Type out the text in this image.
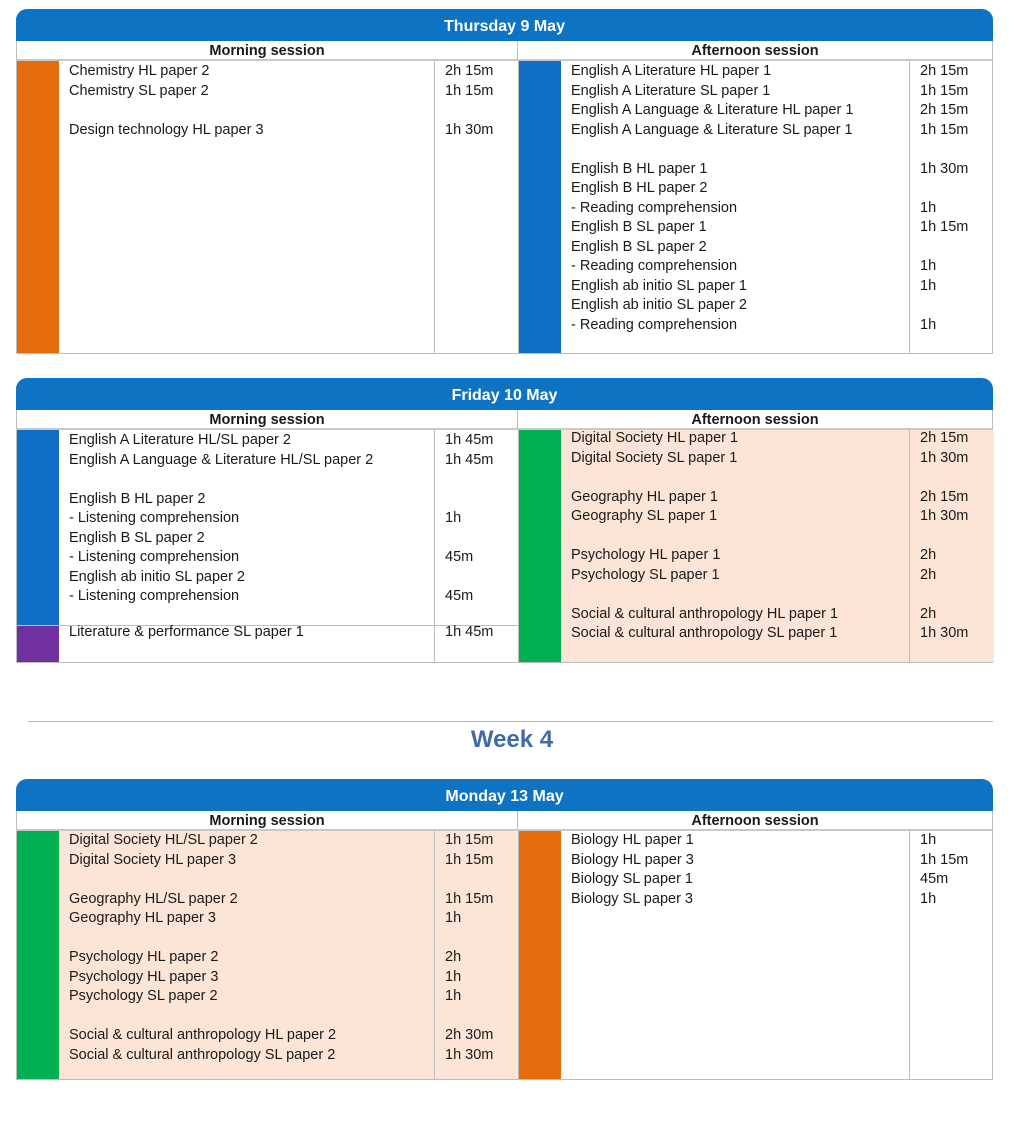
Thursday 9 May
Morning session	Afternoon session
Chemistry HL paper 2	2h 15m
Chemistry SL paper 2	1h 15m
Design technology HL paper 3	1h 30m
English A Literature HL paper 1	2h 15m
English A Literature SL paper 1	1h 15m
English A Language & Literature HL paper 1	2h 15m
English A Language & Literature SL paper 1	1h 15m
English B HL paper 1	1h 30m
English B HL paper 2
- Reading comprehension	1h
English B SL paper 1	1h 15m
English B SL paper 2
- Reading comprehension	1h
English ab initio SL paper 1	1h
English ab initio SL paper 2
- Reading comprehension	1h
Friday 10 May
Morning session	Afternoon session
English A Literature HL/SL paper 2	1h 45m
English A Language & Literature HL/SL paper 2	1h 45m
English B HL paper 2
- Listening comprehension	1h
English B SL paper 2
- Listening comprehension	45m
English ab initio SL paper 2
- Listening comprehension	45m
Literature & performance SL paper 1	1h 45m
Digital Society HL paper 1	2h 15m
Digital Society SL paper 1	1h 30m
Geography HL paper 1	2h 15m
Geography SL paper 1	1h 30m
Psychology HL paper 1	2h
Psychology SL paper 1	2h
Social & cultural anthropology HL paper 1	2h
Social & cultural anthropology SL paper 1	1h 30m
Week 4
Monday 13 May
Morning session	Afternoon session
Digital Society HL/SL paper 2	1h 15m
Digital Society HL paper 3	1h 15m
Geography HL/SL paper 2	1h 15m
Geography HL paper 3	1h
Psychology HL paper 2	2h
Psychology HL paper 3	1h
Psychology SL paper 2	1h
Social & cultural anthropology HL paper 2	2h 30m
Social & cultural anthropology SL paper 2	1h 30m
Biology HL paper 1	1h
Biology HL paper 3	1h 15m
Biology SL paper 1	45m
Biology SL paper 3	1h
